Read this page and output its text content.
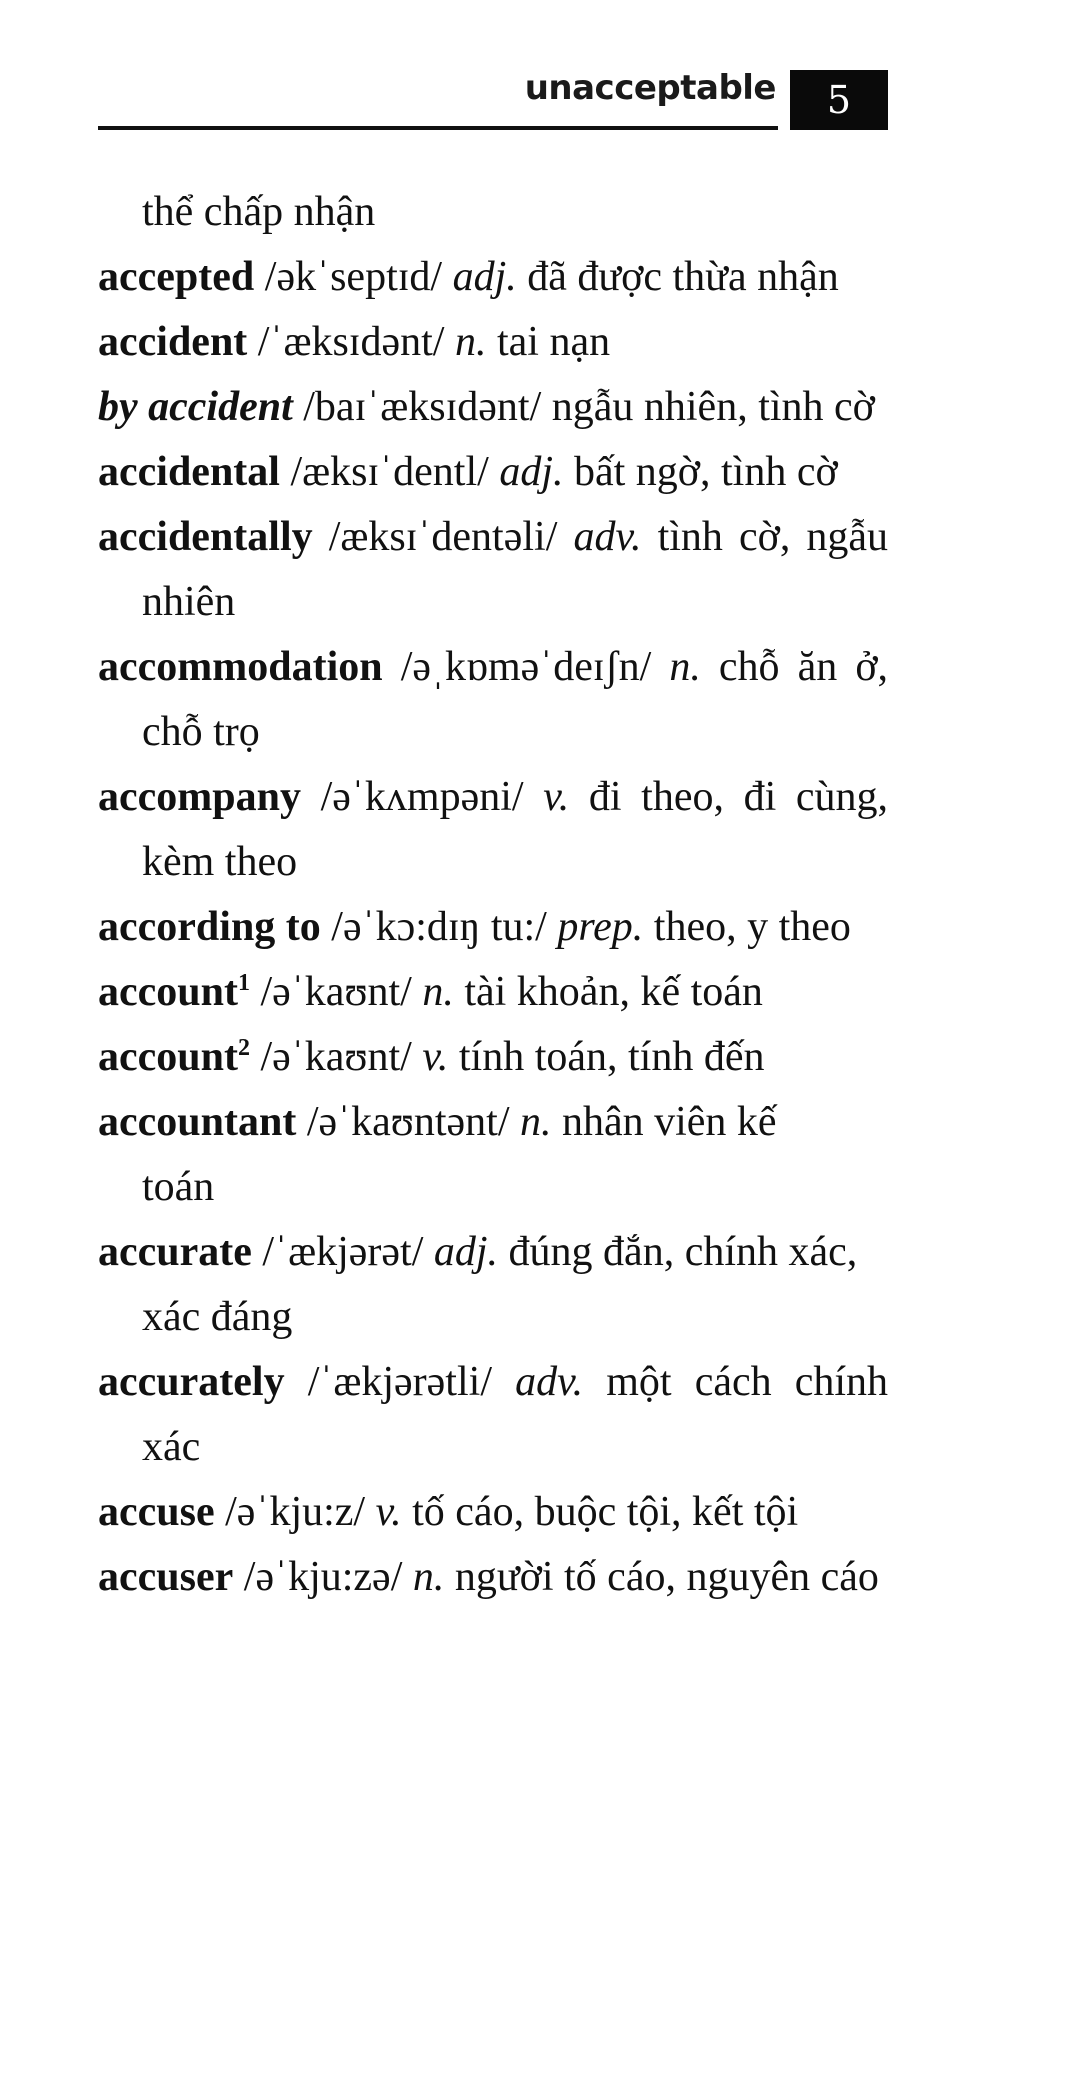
unacceptable	5
thể chấp nhận
accepted /əkˈseptɪd/ adj. đã được thừa nhận
accident /ˈæksɪdənt/ n. tai nạn
by accident /baɪˈæksɪdənt/ ngẫu nhiên, tình cờ
accidental /æksɪˈdentl/ adj. bất ngờ, tình cờ
accidentally /æksɪˈdentəli/ adv. tình cờ, ngẫu nhiên
accommodation /əˌkɒməˈdeɪʃn/ n. chỗ ăn ở, chỗ trọ
accompany /əˈkʌmpəni/ v. đi theo, đi cùng, kèm theo
according to /əˈkɔ:dɪŋ tu:/ prep. theo, y theo
account$^1$ /əˈkaʊnt/ n. tài khoản, kế toán
account$^2$ /əˈkaʊnt/ v. tính toán, tính đến
accountant /əˈkaʊntənt/ n. nhân viên kế toán
accurate /ˈækjərət/ adj. đúng đắn, chính xác, xác đáng
accurately /ˈækjərətli/ adv. một cách chính xác
accuse /əˈkju:z/ v. tố cáo, buộc tội, kết tội
accuser /əˈkju:zə/ n. người tố cáo, nguyên cáo
